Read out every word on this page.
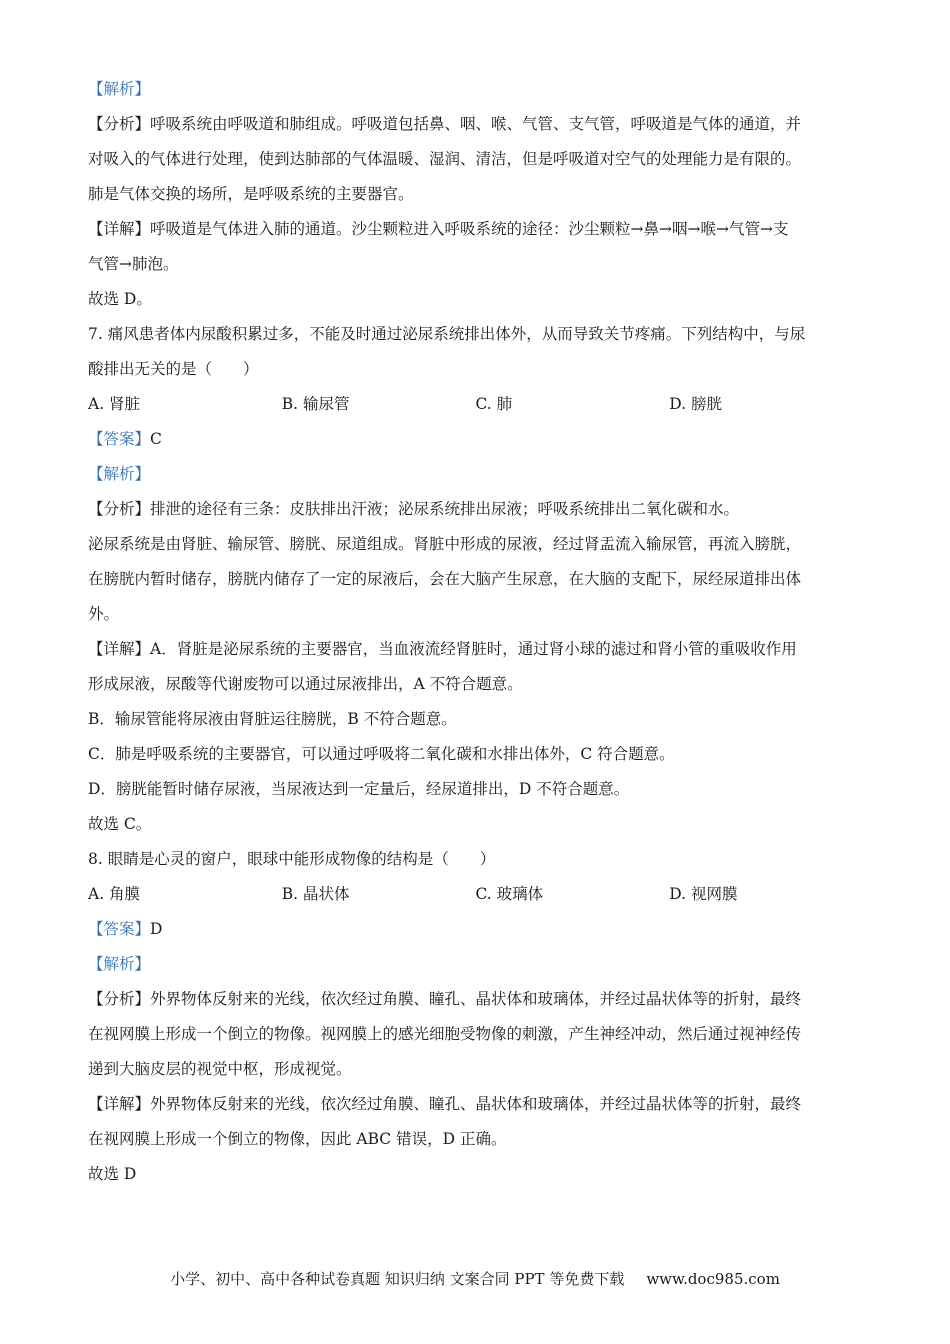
【解析】
【分析】呼吸系统由呼吸道和肺组成。呼吸道包括鼻、咽、喉、气管、支气管，呼吸道是气体的通道，并
对吸入的气体进行处理，使到达肺部的气体温暖、湿润、清洁，但是呼吸道对空气的处理能力是有限的。
肺是气体交换的场所，是呼吸系统的主要器官。
【详解】呼吸道是气体进入肺的通道。沙尘颗粒进入呼吸系统的途径：沙尘颗粒→鼻→咽→喉→气管→支
气管→肺泡。
故选 D。
7. 痛风患者体内尿酸积累过多，不能及时通过泌尿系统排出体外，从而导致关节疼痛。下列结构中，与尿
酸排出无关的是（　　）
A. 肾脏	B. 输尿管	C. 肺	D. 膀胱
【答案】C
【解析】
【分析】排泄的途径有三条：皮肤排出汗液；泌尿系统排出尿液；呼吸系统排出二氧化碳和水。
泌尿系统是由肾脏、输尿管、膀胱、尿道组成。肾脏中形成的尿液，经过肾盂流入输尿管，再流入膀胱，
在膀胱内暂时储存，膀胱内储存了一定的尿液后，会在大脑产生尿意，在大脑的支配下，尿经尿道排出体
外。
【详解】A．肾脏是泌尿系统的主要器官，当血液流经肾脏时，通过肾小球的滤过和肾小管的重吸收作用
形成尿液，尿酸等代谢废物可以通过尿液排出，A 不符合题意。
B．输尿管能将尿液由肾脏运往膀胱，B 不符合题意。
C．肺是呼吸系统的主要器官，可以通过呼吸将二氧化碳和水排出体外，C 符合题意。
D．膀胱能暂时储存尿液，当尿液达到一定量后，经尿道排出，D 不符合题意。
故选 C。
8. 眼睛是心灵的窗户，眼球中能形成物像的结构是（　　）
A. 角膜	B. 晶状体	C. 玻璃体	D. 视网膜
【答案】D
【解析】
【分析】外界物体反射来的光线，依次经过角膜、瞳孔、晶状体和玻璃体，并经过晶状体等的折射，最终
在视网膜上形成一个倒立的物像。视网膜上的感光细胞受物像的刺激，产生神经冲动，然后通过视神经传
递到大脑皮层的视觉中枢，形成视觉。
【详解】外界物体反射来的光线，依次经过角膜、瞳孔、晶状体和玻璃体，并经过晶状体等的折射，最终
在视网膜上形成一个倒立的物像，因此 ABC 错误，D 正确。
故选 D
小学、初中、高中各种试卷真题 知识归纳 文案合同 PPT 等免费下载 www.doc985.com
